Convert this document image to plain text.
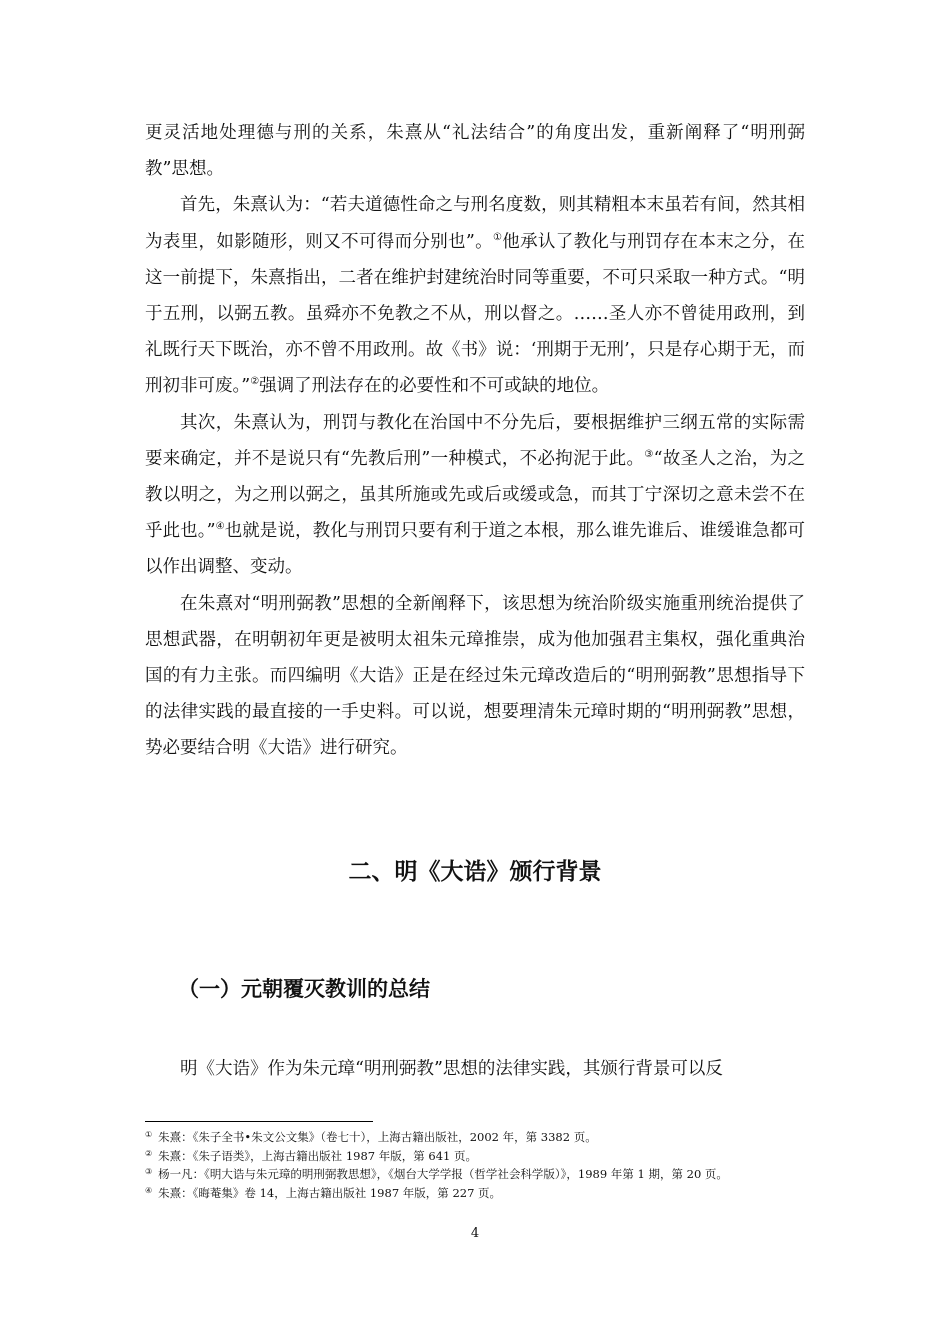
更灵活地处理德与刑的关系，朱熹从“礼法结合”的角度出发，重新阐释了“明刑弼教”思想。

首先，朱熹认为：“若夫道德性命之与刑名度数，则其精粗本末虽若有间，然其相为表里，如影随形，则又不可得而分别也”。①他承认了教化与刑罚存在本末之分，在这一前提下，朱熹指出，二者在维护封建统治时同等重要，不可只采取一种方式。“明于五刑，以弼五教。虽舜亦不免教之不从，刑以督之。……圣人亦不曾徒用政刑，到礼既行天下既治，亦不曾不用政刑。故《书》说：‘刑期于无刑’，只是存心期于无，而刑初非可废。”②强调了刑法存在的必要性和不可或缺的地位。

其次，朱熹认为，刑罚与教化在治国中不分先后，要根据维护三纲五常的实际需要来确定，并不是说只有“先教后刑”一种模式，不必拘泥于此。③“故圣人之治，为之教以明之，为之刑以弼之，虽其所施或先或后或缓或急，而其丁宁深切之意未尝不在乎此也。”④也就是说，教化与刑罚只要有利于道之本根，那么谁先谁后、谁缓谁急都可以作出调整、变动。

在朱熹对“明刑弼教”思想的全新阐释下，该思想为统治阶级实施重刑统治提供了思想武器，在明朝初年更是被明太祖朱元璋推崇，成为他加强君主集权，强化重典治国的有力主张。而四编明《大诰》正是在经过朱元璋改造后的“明刑弼教”思想指导下的法律实践的最直接的一手史料。可以说，想要理清朱元璋时期的“明刑弼教”思想，势必要结合明《大诰》进行研究。

二、明《大诰》颁行背景
（一）元朝覆灭教训的总结

明《大诰》作为朱元璋“明刑弼教”思想的法律实践，其颁行背景可以反

① 朱熹：《朱子全书•朱文公文集》（卷七十），上海古籍出版社，2002 年，第 3382 页。
② 朱熹：《朱子语类》，上海古籍出版社 1987 年版，第 641 页。
③ 杨一凡：《明大诰与朱元璋的明刑弼教思想》，《烟台大学学报（哲学社会科学版）》，1989 年第 1 期，第 20 页。
④ 朱熹：《晦菴集》卷 14，上海古籍出版社 1987 年版，第 227 页。
4
